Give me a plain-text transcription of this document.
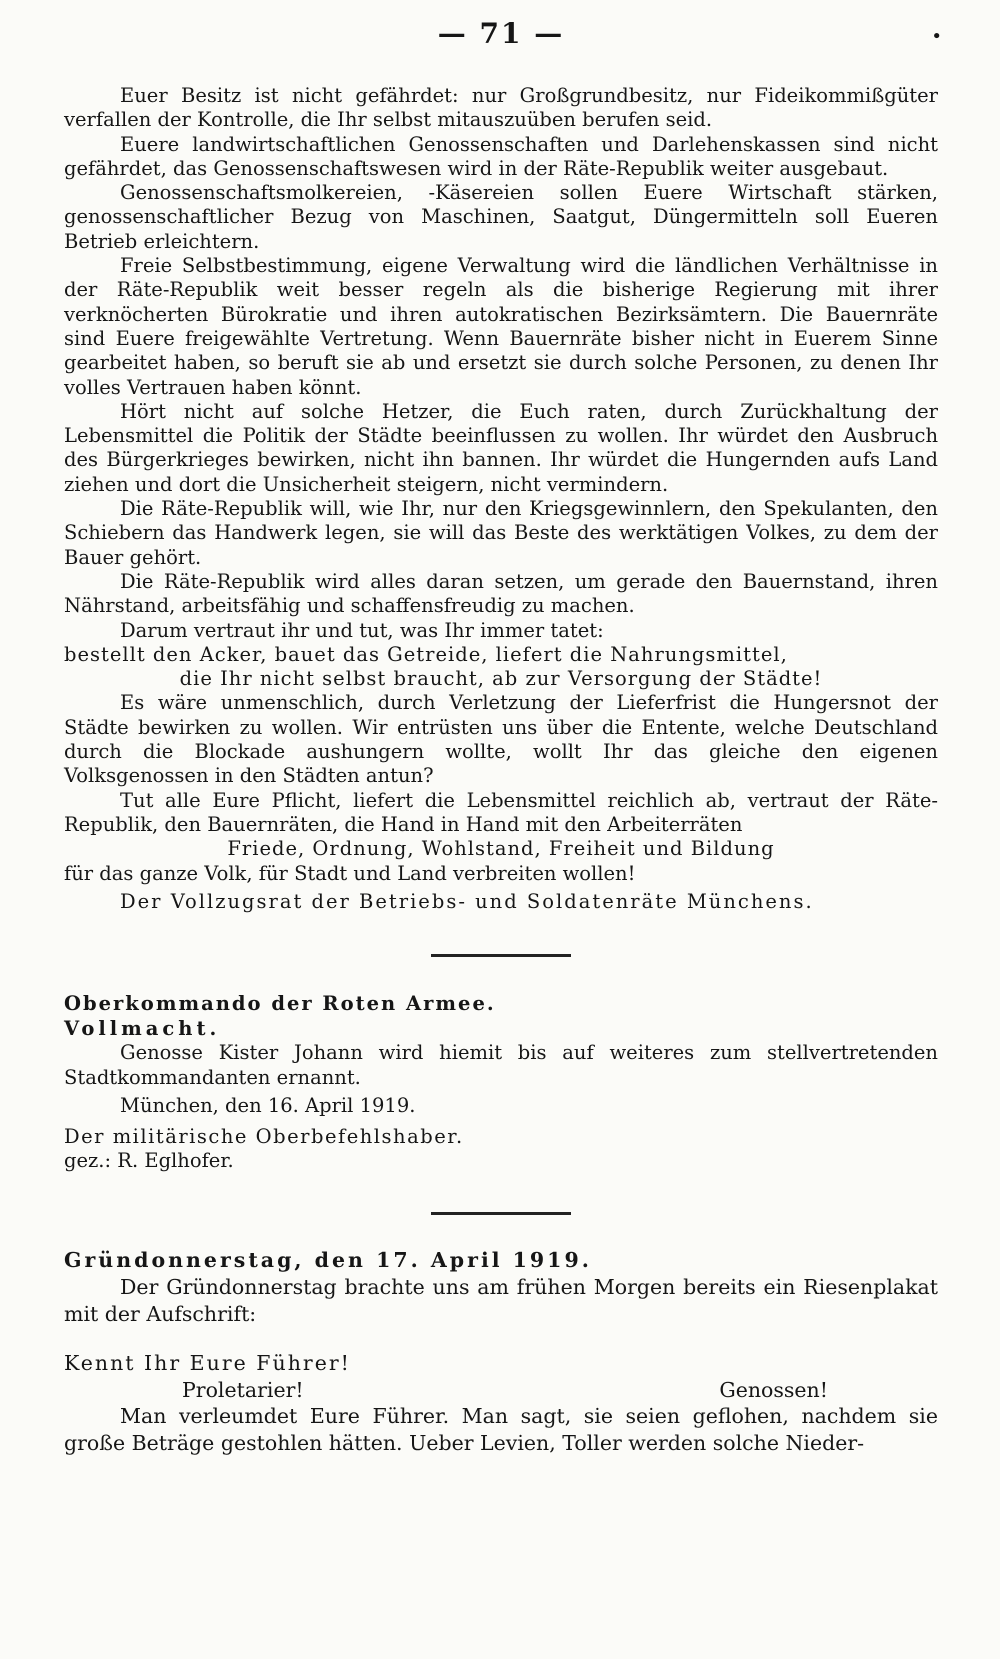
— 71 —	•

Euer Besitz ist nicht gefährdet: nur Großgrundbesitz, nur Fideikommißgüter verfallen der Kontrolle, die Ihr selbst mitauszuüben berufen seid.

Euere landwirtschaftlichen Genossenschaften und Darlehenskassen sind nicht gefährdet, das Genossenschaftswesen wird in der Räte-Republik weiter ausgebaut.

Genossenschaftsmolkereien, -Käsereien sollen Euere Wirtschaft stärken, genossenschaftlicher Bezug von Maschinen, Saatgut, Düngermitteln soll Eueren Betrieb erleichtern.

Freie Selbstbestimmung, eigene Verwaltung wird die ländlichen Verhältnisse in der Räte-Republik weit besser regeln als die bisherige Regierung mit ihrer verknöcherten Bürokratie und ihren autokratischen Bezirksämtern. Die Bauernräte sind Euere freigewählte Vertretung. Wenn Bauernräte bisher nicht in Euerem Sinne gearbeitet haben, so beruft sie ab und ersetzt sie durch solche Personen, zu denen Ihr volles Vertrauen haben könnt.

Hört nicht auf solche Hetzer, die Euch raten, durch Zurückhaltung der Lebensmittel die Politik der Städte beeinflussen zu wollen. Ihr würdet den Ausbruch des Bürgerkrieges bewirken, nicht ihn bannen. Ihr würdet die Hungernden aufs Land ziehen und dort die Unsicherheit steigern, nicht vermindern.

Die Räte-Republik will, wie Ihr, nur den Kriegsgewinnlern, den Spekulanten, den Schiebern das Handwerk legen, sie will das Beste des werktätigen Volkes, zu dem der Bauer gehört.

Die Räte-Republik wird alles daran setzen, um gerade den Bauernstand, ihren Nährstand, arbeitsfähig und schaffensfreudig zu machen.

Darum vertraut ihr und tut, was Ihr immer tatet:

bestellt den Acker, bauet das Getreide, liefert die Nahrungsmittel,

die Ihr nicht selbst braucht, ab zur Versorgung der Städte!

Es wäre unmenschlich, durch Verletzung der Lieferfrist die Hungersnot der Städte bewirken zu wollen. Wir entrüsten uns über die Entente, welche Deutschland durch die Blockade aushungern wollte, wollt Ihr das gleiche den eigenen Volksgenossen in den Städten antun?

Tut alle Eure Pflicht, liefert die Lebensmittel reichlich ab, vertraut der Räte-Republik, den Bauernräten, die Hand in Hand mit den Arbeiterräten

Friede, Ordnung, Wohlstand, Freiheit und Bildung

für das ganze Volk, für Stadt und Land verbreiten wollen!

Der Vollzugsrat der Betriebs- und Soldatenräte Münchens.

Oberkommando der Roten Armee.

Vollmacht.

Genosse Kister Johann wird hiemit bis auf weiteres zum stellvertretenden Stadtkommandanten ernannt.

München, den 16. April 1919.

Der militärische Oberbefehlshaber.

gez.: R. Eglhofer.

Gründonnerstag, den 17. April 1919.

Der Gründonnerstag brachte uns am frühen Morgen bereits ein Riesenplakat mit der Aufschrift:

Kennt Ihr Eure Führer!

Proletarier!	Genossen!

Man verleumdet Eure Führer. Man sagt, sie seien geflohen, nachdem sie große Beträge gestohlen hätten. Ueber Levien, Toller werden solche Nieder-
